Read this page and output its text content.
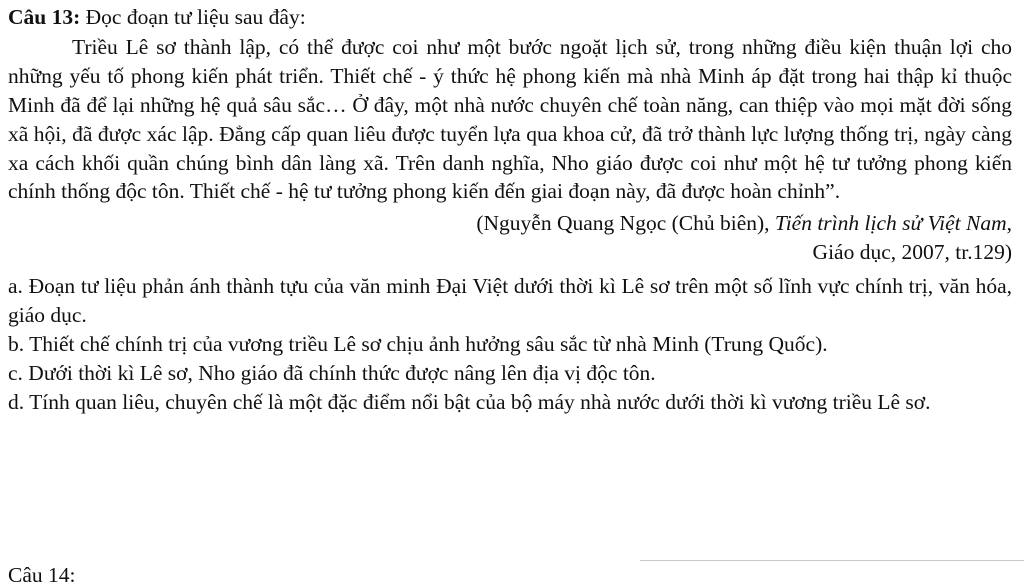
Câu 13: Đọc đoạn tư liệu sau đây:

Triều Lê sơ thành lập, có thể được coi như một bước ngoặt lịch sử, trong những điều kiện thuận lợi cho những yếu tố phong kiến phát triển. Thiết chế - ý thức hệ phong kiến mà nhà Minh áp đặt trong hai thập kỉ thuộc Minh đã để lại những hệ quả sâu sắc… Ở đây, một nhà nước chuyên chế toàn năng, can thiệp vào mọi mặt đời sống xã hội, đã được xác lập. Đẳng cấp quan liêu được tuyển lựa qua khoa cử, đã trở thành lực lượng thống trị, ngày càng xa cách khối quần chúng bình dân làng xã. Trên danh nghĩa, Nho giáo được coi như một hệ tư tưởng phong kiến chính thống độc tôn. Thiết chế - hệ tư tưởng phong kiến đến giai đoạn này, đã được hoàn chỉnh”.

(Nguyễn Quang Ngọc (Chủ biên), Tiến trình lịch sử Việt Nam,

Giáo dục, 2007, tr.129)

a. Đoạn tư liệu phản ánh thành tựu của văn minh Đại Việt dưới thời kì Lê sơ trên một số lĩnh vực chính trị, văn hóa, giáo dục.

b. Thiết chế chính trị của vương triều Lê sơ chịu ảnh hưởng sâu sắc từ nhà Minh (Trung Quốc).

c. Dưới thời kì Lê sơ, Nho giáo đã chính thức được nâng lên địa vị độc tôn.

d. Tính quan liêu, chuyên chế là một đặc điểm nổi bật của bộ máy nhà nước dưới thời kì vương triều Lê sơ.

Câu 14:
